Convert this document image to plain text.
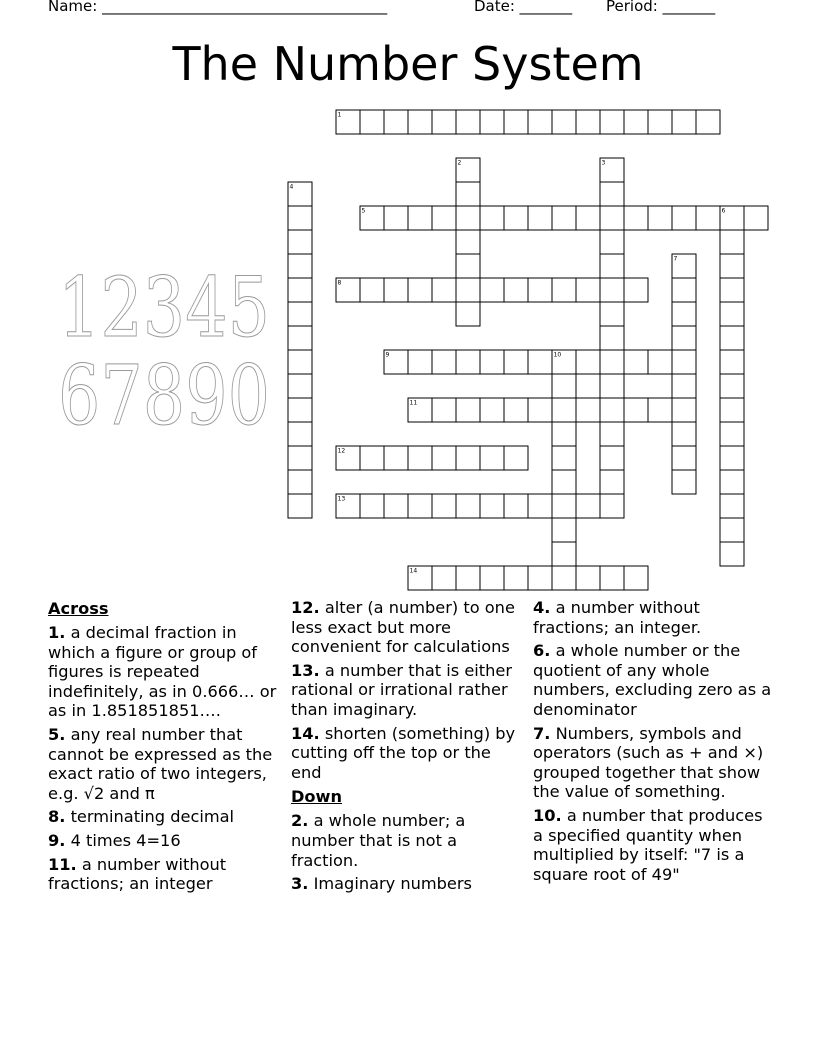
Name: ______________________________________	Date: _______ Period: _______
The Number System
12345
67890
1
2	3
4
5	6
7
8
9	10
11
12
13
14
Across
1. a decimal fraction in which a figure or group of figures is repeated indefinitely, as in 0.666… or as in 1.851851851….
5. any real number that cannot be expressed as the exact ratio of two integers, e.g. √2 and π
8. terminating decimal
9. 4 times 4=16
11. a number without fractions; an integer
12. alter (a number) to one less exact but more convenient for calculations
13. a number that is either rational or irrational rather than imaginary.
14. shorten (something) by cutting off the top or the end
Down
2. a whole number; a number that is not a fraction.
3. Imaginary numbers
4. a number without fractions; an integer.
6. a whole number or the quotient of any whole numbers, excluding zero as a denominator
7. Numbers, symbols and operators (such as + and ×) grouped together that show the value of something.
10. a number that produces a specified quantity when multiplied by itself: "7 is a square root of 49"
